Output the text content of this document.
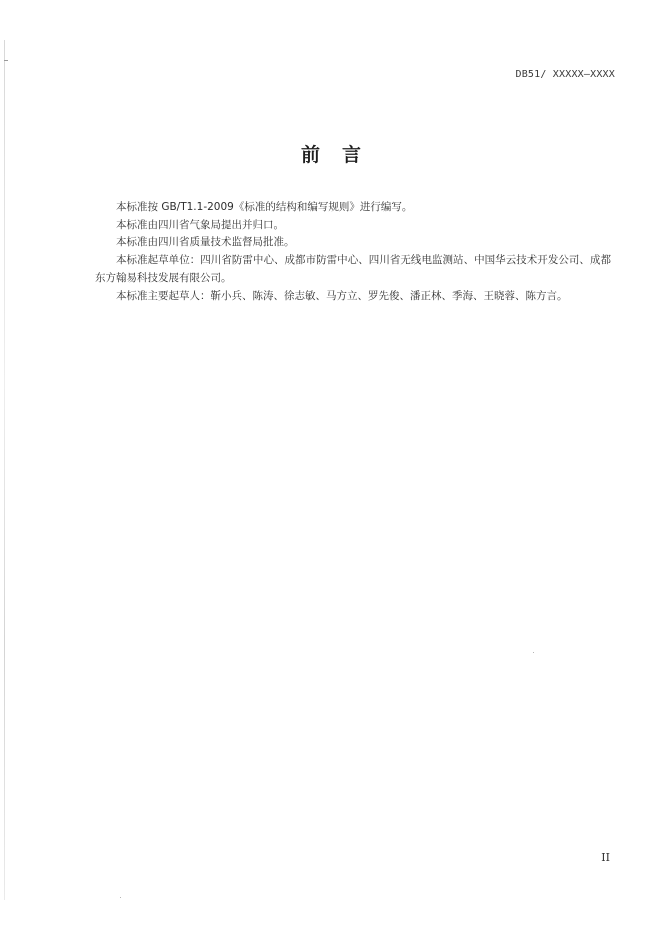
DB51/ XXXXX—XXXX
前言

本标准按 GB/T1.1-2009《标准的结构和编写规则》进行编写。

本标准由四川省气象局提出并归口。

本标准由四川省质量技术监督局批准。

本标准起草单位：四川省防雷中心、成都市防雷中心、四川省无线电监测站、中国华云技术开发公司、成都东方翰易科技发展有限公司。

本标准主要起草人：靳小兵、陈涛、徐志敏、马方立、罗先俊、潘正林、季海、王晓蓉、陈方言。

II
